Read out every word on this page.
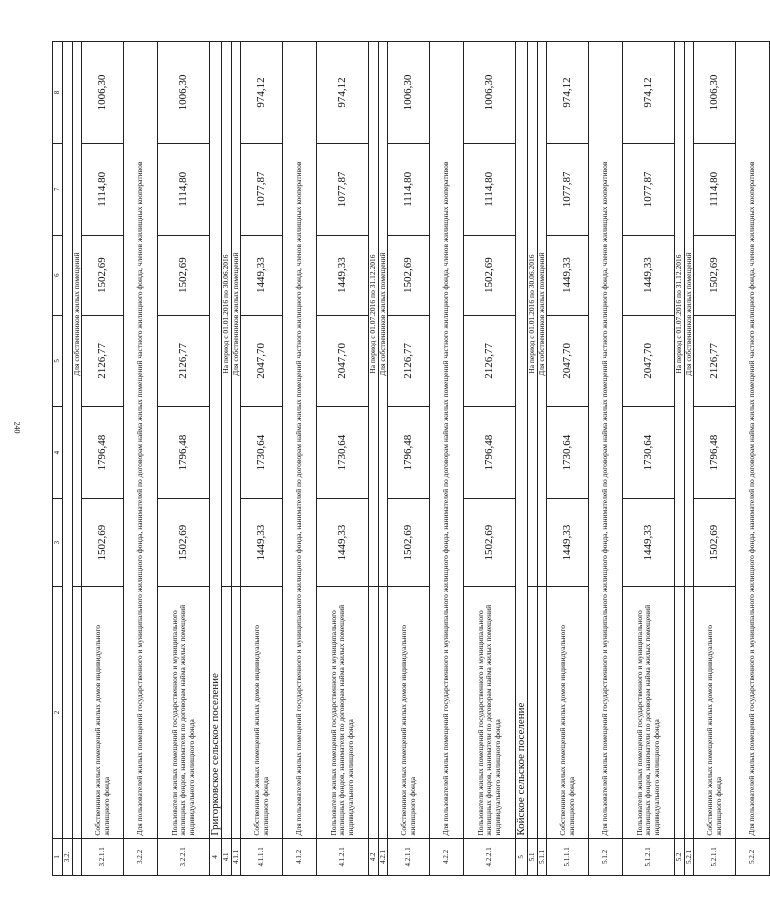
240
1	2	3	4	5	6	7	8
3.2.							
		Для собственников жилых помещений					
3.2.1.1	Собственники жилых помещений жилых домов индивидуального жилищного фонда	1502,69	1796,48	2126,77	1502,69	1114,80	1006,30
3.2.2	Для пользователей жилых помещений государственного и муниципального жилищного фонда, нанимателей по договорам найма жилых помещений частного жилищного фонда, членов жилищных кооперативов						
3.2.2.1	Пользователи жилых помещений государственного и муниципального жилищных фондов, наниматели по договорам найма жилых помещений индивидуального жилищного фонда	1502,69	1796,48	2126,77	1502,69	1114,80	1006,30
4	Григорковское сельское поселение						
4.1		На период с 01.01.2016 по 30.06.2016					
4.1.1		Для собственников жилых помещений					
4.1.1.1	Собственники жилых помещений жилых домов индивидуального жилищного фонда	1449,33	1730,64	2047,70	1449,33	1077,87	974,12
4.1.2	Для пользователей жилых помещений государственного и муниципального жилищного фонда, нанимателей по договорам найма жилых помещений частного жилищного фонда, членов жилищных кооперативов						
4.1.2.1	Пользователи жилых помещений государственного и муниципального жилищных фондов, наниматели по договорам найма жилых помещений индивидуального жилищного фонда	1449,33	1730,64	2047,70	1449,33	1077,87	974,12
4.2		На период с 01.07.2016 по 31.12.2016					
4.2.1		Для собственников жилых помещений					
4.2.1.1	Собственники жилых помещений жилых домов индивидуального жилищного фонда	1502,69	1796,48	2126,77	1502,69	1114,80	1006,30
4.2.2	Для пользователей жилых помещений государственного и муниципального жилищного фонда, нанимателей по договорам найма жилых помещений частного жилищного фонда, членов жилищных кооперативов						
4.2.2.1	Пользователи жилых помещений государственного и муниципального жилищных фондов, наниматели по договорам найма жилых помещений индивидуального жилищного фонда	1502,69	1796,48	2126,77	1502,69	1114,80	1006,30
5	Койское сельское поселение						
5.1		На период с 01.01.2016 по 30.06.2016					
5.1.1		Для собственников жилых помещений					
5.1.1.1	Собственники жилых помещений жилых домов индивидуального жилищного фонда	1449,33	1730,64	2047,70	1449,33	1077,87	974,12
5.1.2	Для пользователей жилых помещений государственного и муниципального жилищного фонда, нанимателей по договорам найма жилых помещений частного жилищного фонда, членов жилищных кооперативов						
5.1.2.1	Пользователи жилых помещений государственного и муниципального жилищных фондов, наниматели по договорам найма жилых помещений индивидуального жилищного фонда	1449,33	1730,64	2047,70	1449,33	1077,87	974,12
5.2		На период с 01.07.2016 по 31.12.2016					
5.2.1		Для собственников жилых помещений					
5.2.1.1	Собственники жилых помещений жилых домов индивидуального жилищного фонда	1502,69	1796,48	2126,77	1502,69	1114,80	1006,30
5.2.2	Для пользователей жилых помещений государственного и муниципального жилищного фонда, нанимателей по договорам найма жилых помещений частного жилищного фонда, членов жилищных кооперативов						
